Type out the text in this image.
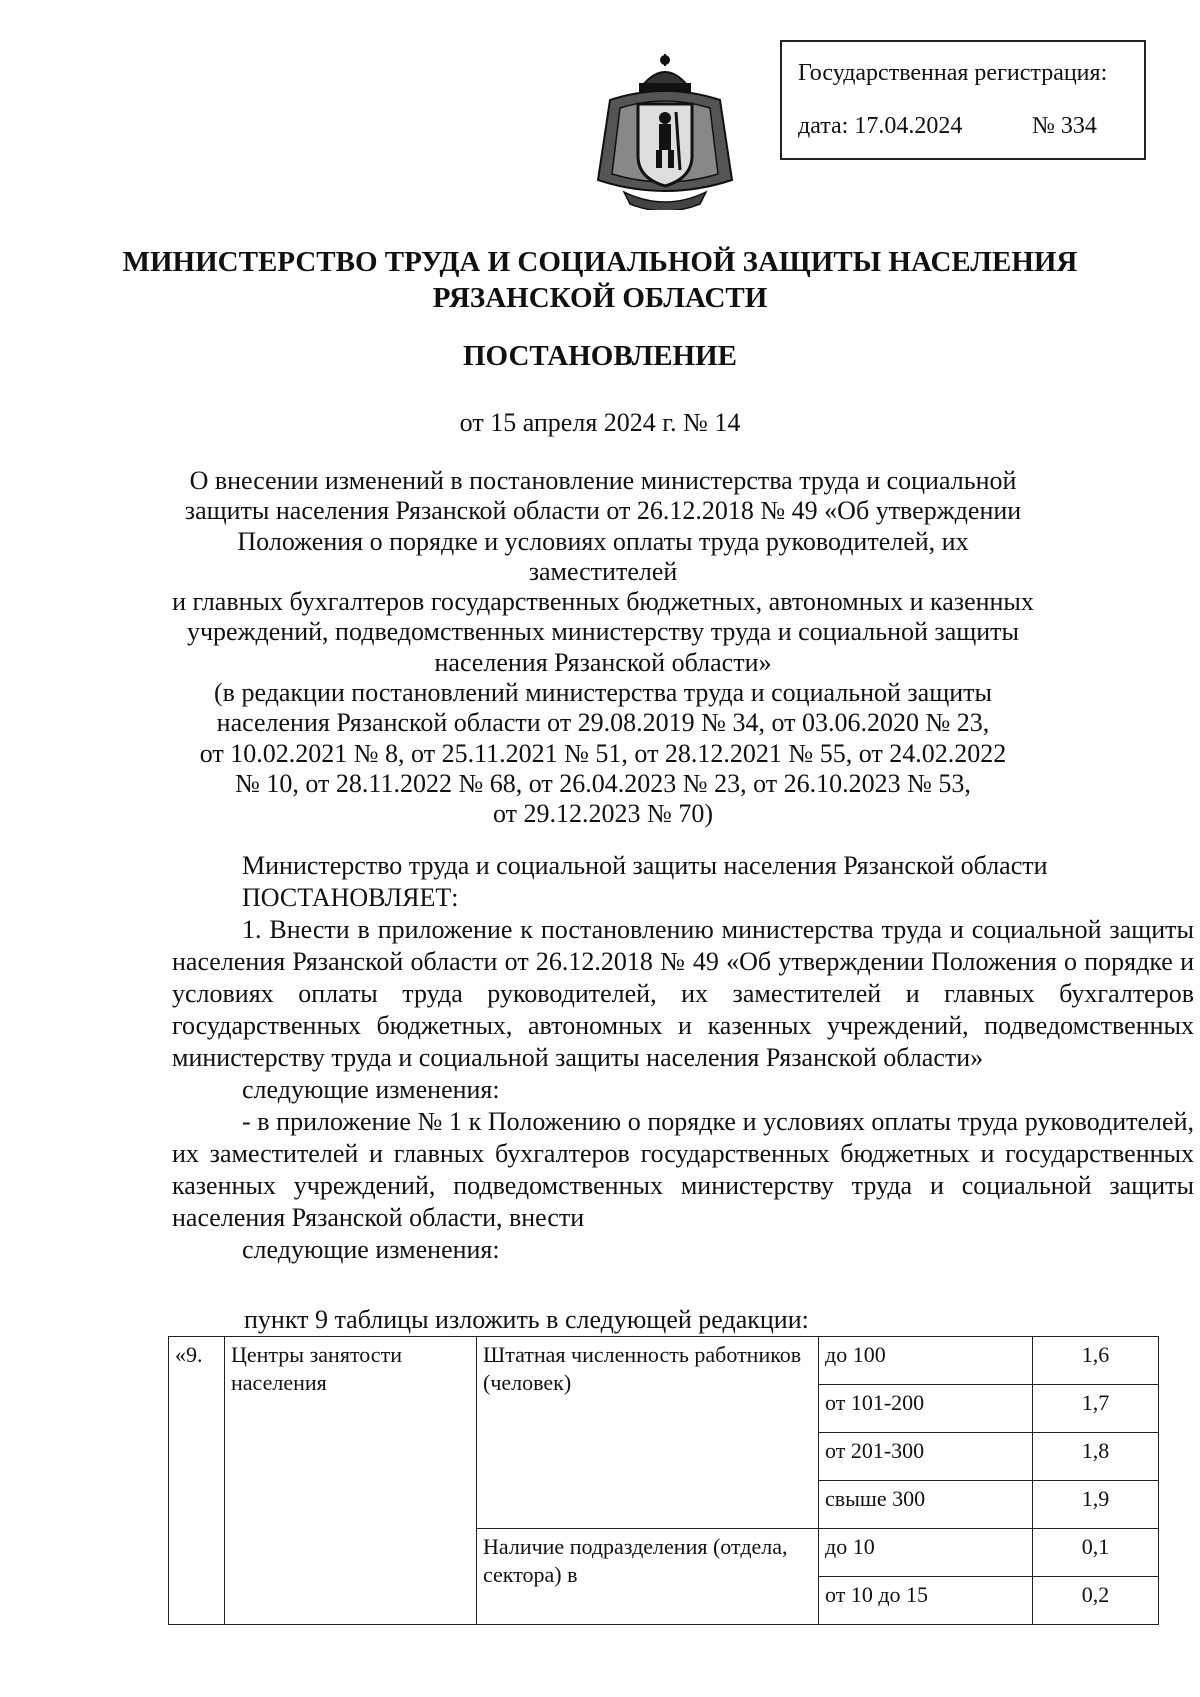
Государственная регистрация:
дата: 17.04.2024	№ 334
МИНИСТЕРСТВО ТРУДА И СОЦИАЛЬНОЙ ЗАЩИТЫ НАСЕЛЕНИЯ
РЯЗАНСКОЙ ОБЛАСТИ
ПОСТАНОВЛЕНИЕ
от 15 апреля 2024 г. № 14
О внесении изменений в постановление министерства труда и социальной
защиты населения Рязанской области от 26.12.2018 № 49 «Об утверждении
Положения о порядке и условиях оплаты труда руководителей, их заместителей
и главных бухгалтеров государственных бюджетных, автономных и казенных
учреждений, подведомственных министерству труда и социальной защиты
населения Рязанской области»
(в редакции постановлений министерства труда и социальной защиты
населения Рязанской области от 29.08.2019 № 34, от 03.06.2020 № 23,
от 10.02.2021 № 8, от 25.11.2021 № 51, от 28.12.2021 № 55, от 24.02.2022
№ 10, от 28.11.2022 № 68, от 26.04.2023 № 23, от 26.10.2023 № 53,
от 29.12.2023 № 70)

Министерство труда и социальной защиты населения Рязанской области
ПОСТАНОВЛЯЕТ:

1. Внести в приложение к постановлению министерства труда и социальной защиты населения Рязанской области от 26.12.2018 № 49 «Об утверждении Положения о порядке и условиях оплаты труда руководителей, их заместителей и главных бухгалтеров государственных бюджетных, автономных и казенных учреждений, подведомственных министерству труда и социальной защиты населения Рязанской области»
следующие изменения:

- в приложение № 1 к Положению о порядке и условиях оплаты труда руководителей, их заместителей и главных бухгалтеров государственных бюджетных и государственных казенных учреждений, подведомственных министерству труда и социальной защиты населения Рязанской области, внести
следующие изменения:

пункт 9 таблицы изложить в следующей редакции:
«9.	Центры занятости населения	Штатная численность работников (человек)	до 100	1,6
			от 101-200	1,7
			от 201-300	1,8
			свыше 300	1,9
		Наличие подразделения (отдела, сектора) в	до 10	0,1
			от 10 до 15	0,2
